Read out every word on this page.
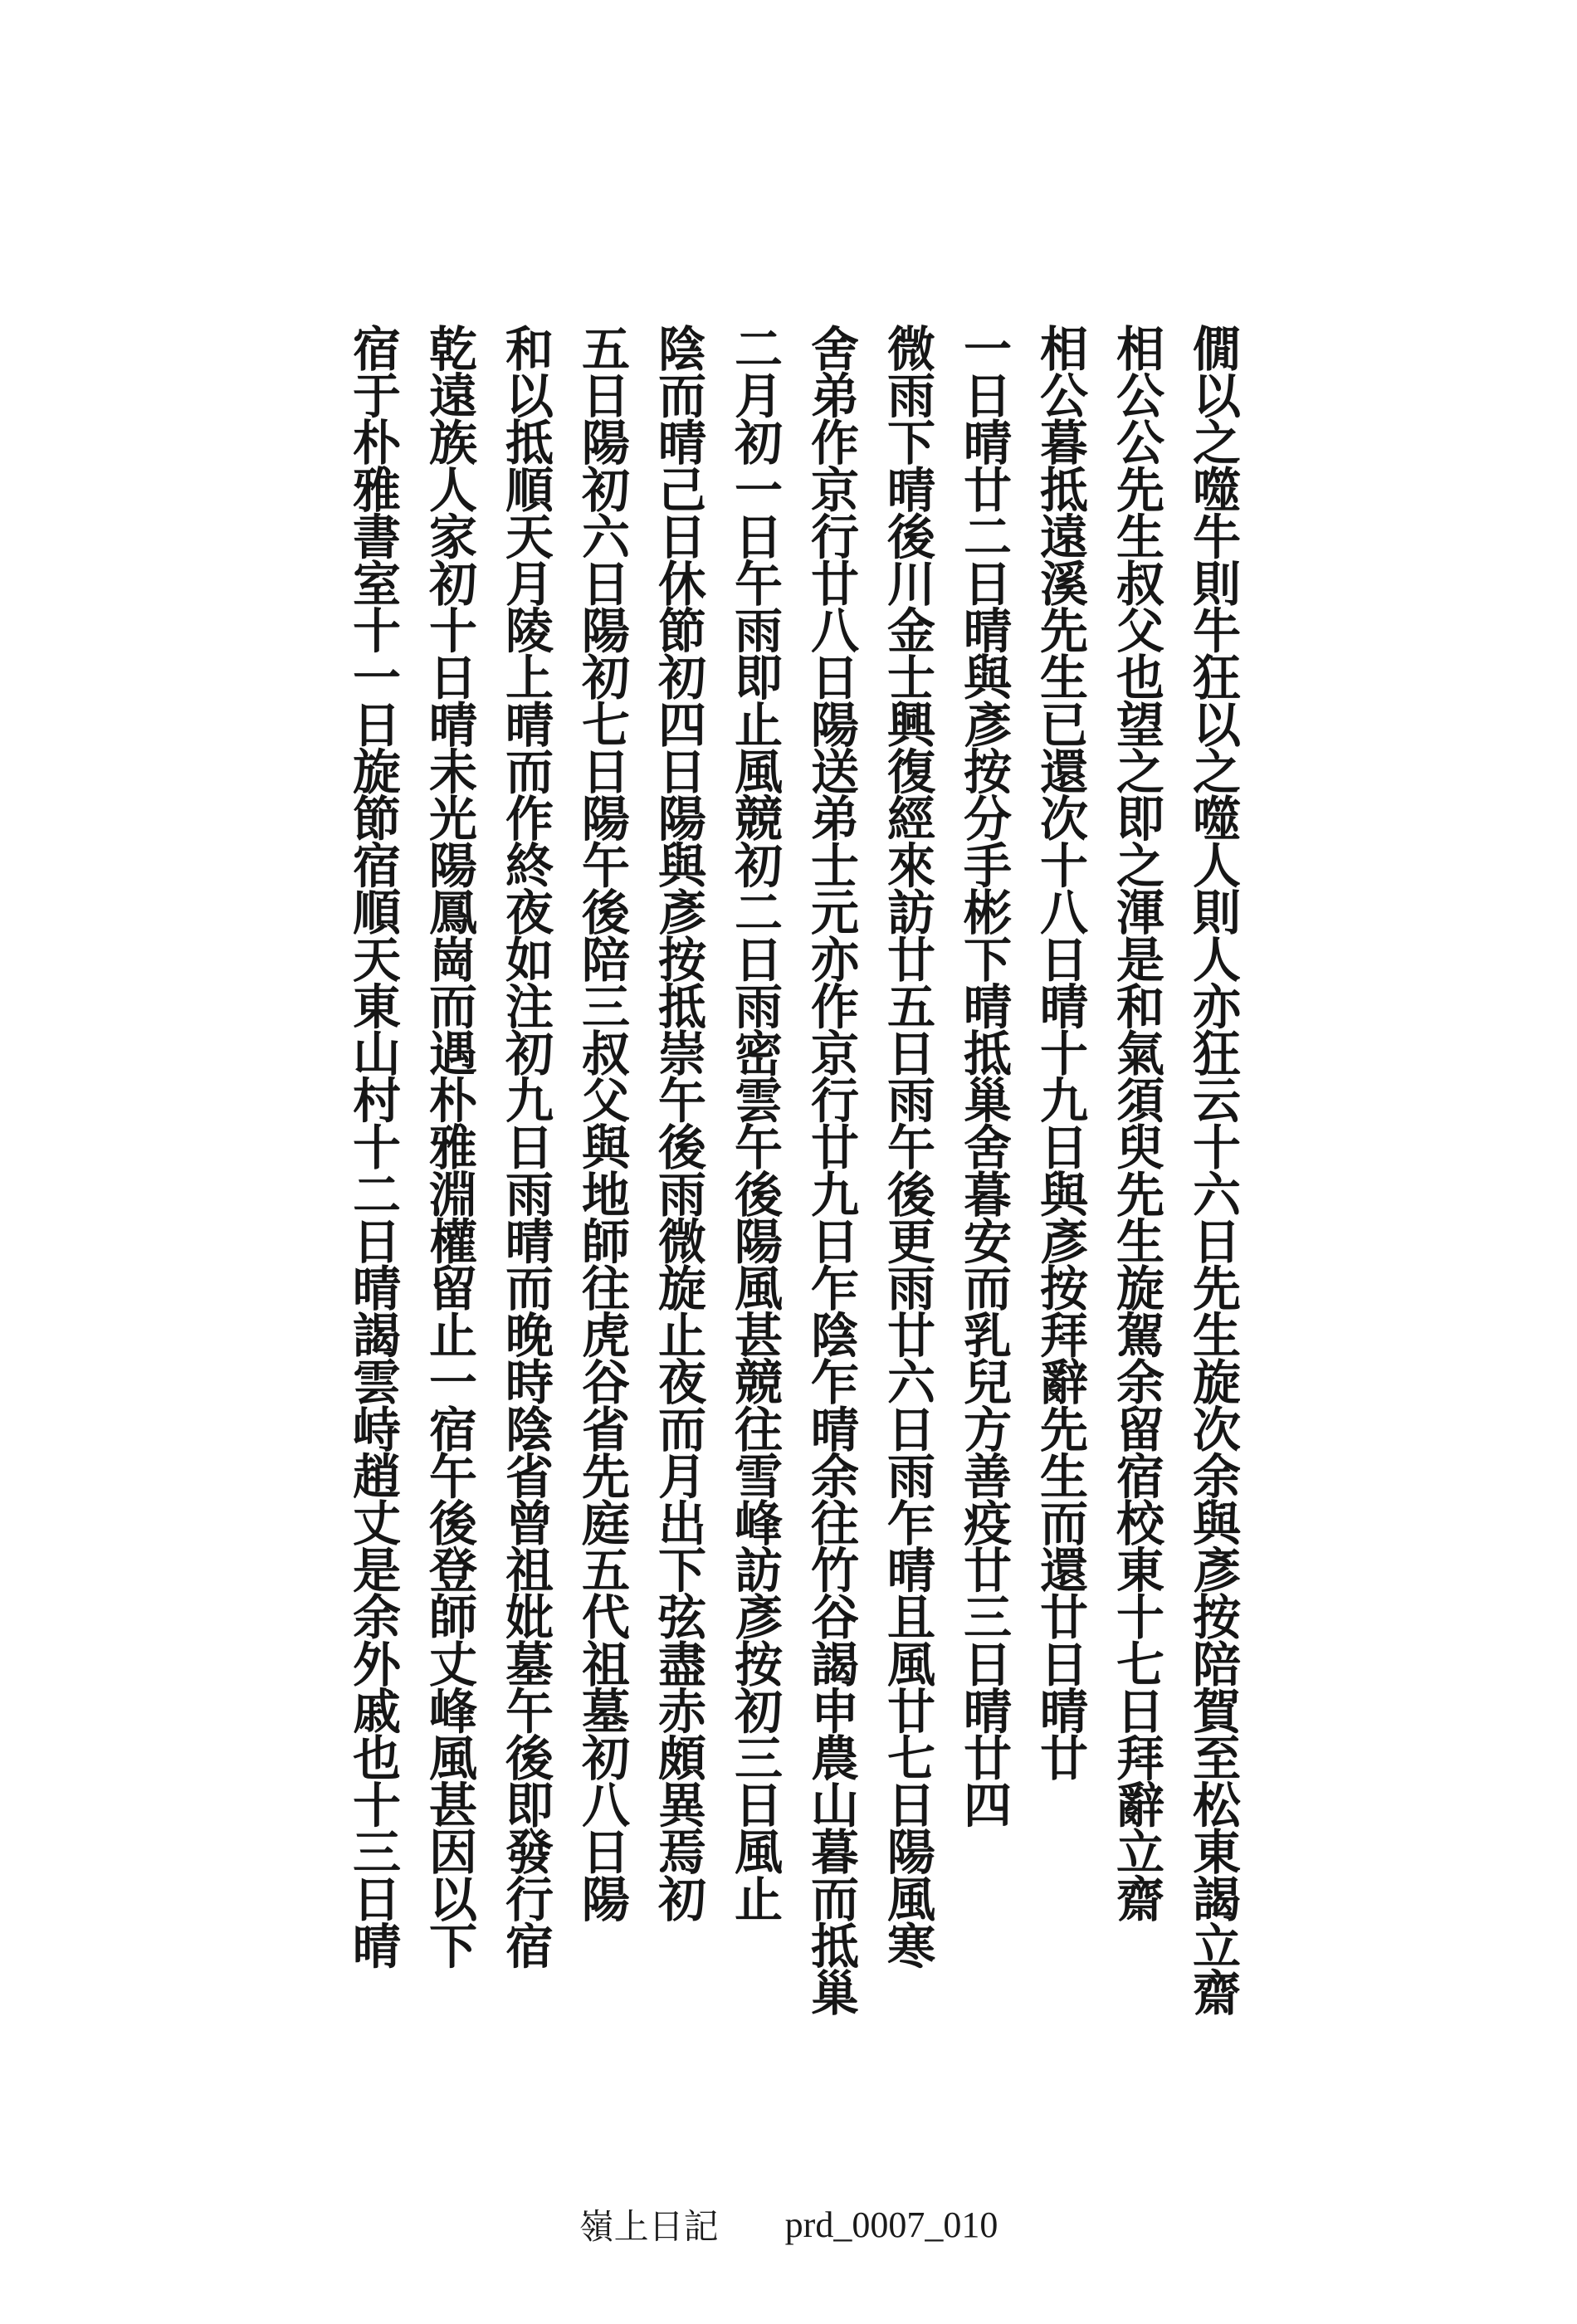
僩以之噬牛則牛狂以之噬人則人亦狂云十六日先生旋次余與彥按陪賀至松東謁立齋
相公公先生叔父也望之即之渾是和氣須臾先生旋駕余留宿校東十七日拜辭立齋
相公暮抵遠溪先生已還次十八日晴十九日與彥按拜辭先生而還廿日晴廿
一日晴廿二日晴與彥按分手彬下晴抵巢舍暮安而乳兒方善疫廿三日晴廿四
微雨下晴後川金士興復經來訪廿五日雨午後更雨廿六日雨乍晴且風廿七日陽風寒
舍弟作京行廿八日陽送弟士元亦作京行廿九日乍陰乍晴余往竹谷謁申農山暮而抵巢
二月初一日午雨即止風競初二日雨密雲午後陽風甚競往雪峰訪彥按初三日風止
陰而晴己日休節初四日陽與彥按抵崇午後雨微旋止夜而月出下弦盡赤頗異焉初
五日陽初六日陽初七日陽午後陪三叔父與地師往虎谷省先庭五代祖墓初八日陽
和以抵順天月陵上晴而作終夜如注初九日雨晴而晚時陰省曾祖妣墓午後即發行宿
乾遠族人家初十日晴未光陽鳳崗而遇朴雅淵權留止一宿午後登師丈峰風甚因以下
宿于朴雅書室十一日旋節宿順天東山村十二日晴謁雲峙趙丈是余外戚也十三日晴
嶺上日記 prd_0007_010
